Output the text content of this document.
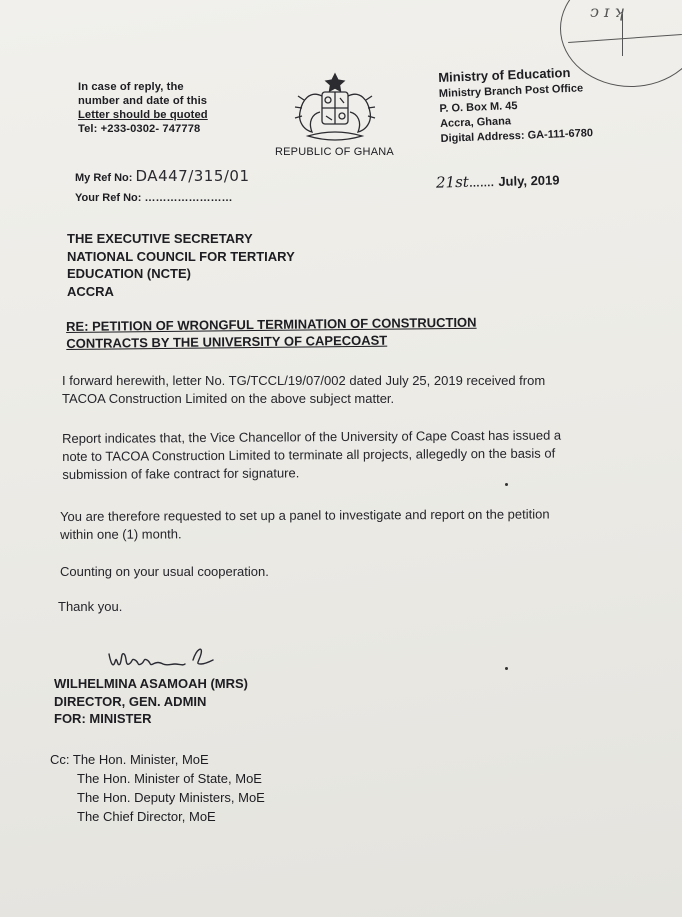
ↄ ɪ ʞ
In case of reply, the
number and date of this
Letter should be quoted
Tel: +233-0302- 747778
REPUBLIC OF GHANA
Ministry of Education
Ministry Branch Post Office
P. O. Box M. 45
Accra, Ghana
Digital Address: GA-111-6780
My Ref No: DA447/315/01
Your Ref No: ……………………
21st……. July, 2019
THE EXECUTIVE SECRETARY
NATIONAL COUNCIL FOR TERTIARY
EDUCATION (NCTE)
ACCRA
RE: PETITION OF WRONGFUL TERMINATION OF CONSTRUCTION
CONTRACTS BY THE UNIVERSITY OF CAPECOAST
I forward herewith, letter No. TG/TCCL/19/07/002 dated July 25, 2019 received from
TACOA Construction Limited on the above subject matter.
Report indicates that, the Vice Chancellor of the University of Cape Coast has issued a
note to TACOA Construction Limited to terminate all projects, allegedly on the basis of
submission of fake contract for signature.
You are therefore requested to set up a panel to investigate and report on the petition
within one (1) month.
Counting on your usual cooperation.
Thank you.
WILHELMINA ASAMOAH (MRS)
DIRECTOR, GEN. ADMIN
FOR: MINISTER
Cc: The Hon. Minister, MoE
The Hon. Minister of State, MoE
The Hon. Deputy Ministers, MoE
The Chief Director, MoE
